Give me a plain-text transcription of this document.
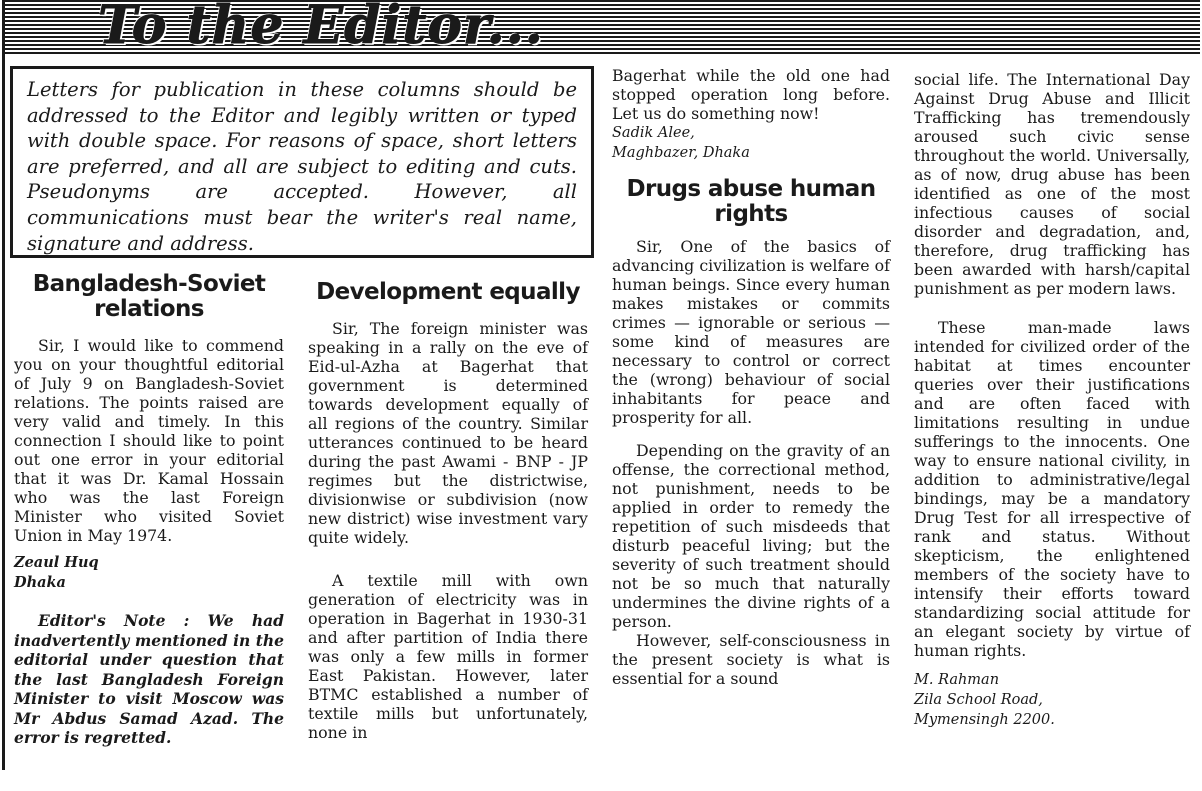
To the Editor...

Letters for publication in these columns should be addressed to the Editor and legibly written or typed with double space. For reasons of space, short letters are preferred, and all are subject to editing and cuts. Pseudonyms are accepted. However, all communications must bear the writer's real name, signature and address.

Bangladesh-Soviet relations

Sir, I would like to commend you on your thoughtful editorial of July 9 on Bangladesh-Soviet relations. The points raised are very valid and timely. In this connection I should like to point out one error in your editorial that it was Dr. Kamal Hossain who was the last Foreign Minister who visited Soviet Union in May 1974.

Zeaul Huq

Dhaka

Editor's Note : We had inadvertently mentioned in the editorial under question that the last Bangladesh Foreign Minister to visit Moscow was Mr Abdus Samad Azad. The error is regretted.

Development equally

Sir, The foreign minister was speaking in a rally on the eve of Eid-ul-Azha at Bagerhat that government is determined towards development equally of all regions of the country. Similar utterances continued to be heard during the past Awami - BNP - JP regimes but the districtwise, divisionwise or subdivision (now new district) wise investment vary quite widely.

A textile mill with own generation of electricity was in operation in Bagerhat in 1930-31 and after partition of India there was only a few mills in former East Pakistan. However, later BTMC established a number of textile mills but unfortunately, none in

Bagerhat while the old one had stopped operation long before. Let us do something now!

Sadik Alee,

Maghbazer, Dhaka

Drugs abuse human rights

Sir, One of the basics of advancing civilization is welfare of human beings. Since every human makes mistakes or commits crimes — ignorable or serious — some kind of measures are necessary to control or correct the (wrong) behaviour of social inhabitants for peace and prosperity for all.

Depending on the gravity of an offense, the correctional method, not punishment, needs to be applied in order to remedy the repetition of such misdeeds that disturb peaceful living; but the severity of such treatment should not be so much that naturally undermines the divine rights of a person.

However, self-consciousness in the present society is what is essential for a sound

social life. The International Day Against Drug Abuse and Illicit Trafficking has tremendously aroused such civic sense throughout the world. Universally, as of now, drug abuse has been identified as one of the most infectious causes of social disorder and degradation, and, therefore, drug trafficking has been awarded with harsh/capital punishment as per modern laws.

These man-made laws intended for civilized order of the habitat at times encounter queries over their justifications and are often faced with limitations resulting in undue sufferings to the innocents. One way to ensure national civility, in addition to administrative/legal bindings, may be a mandatory Drug Test for all irrespective of rank and status. Without skepticism, the enlightened members of the society have to intensify their efforts toward standardizing social attitude for an elegant society by virtue of human rights.

M. Rahman

Zila School Road,

Mymensingh 2200.
